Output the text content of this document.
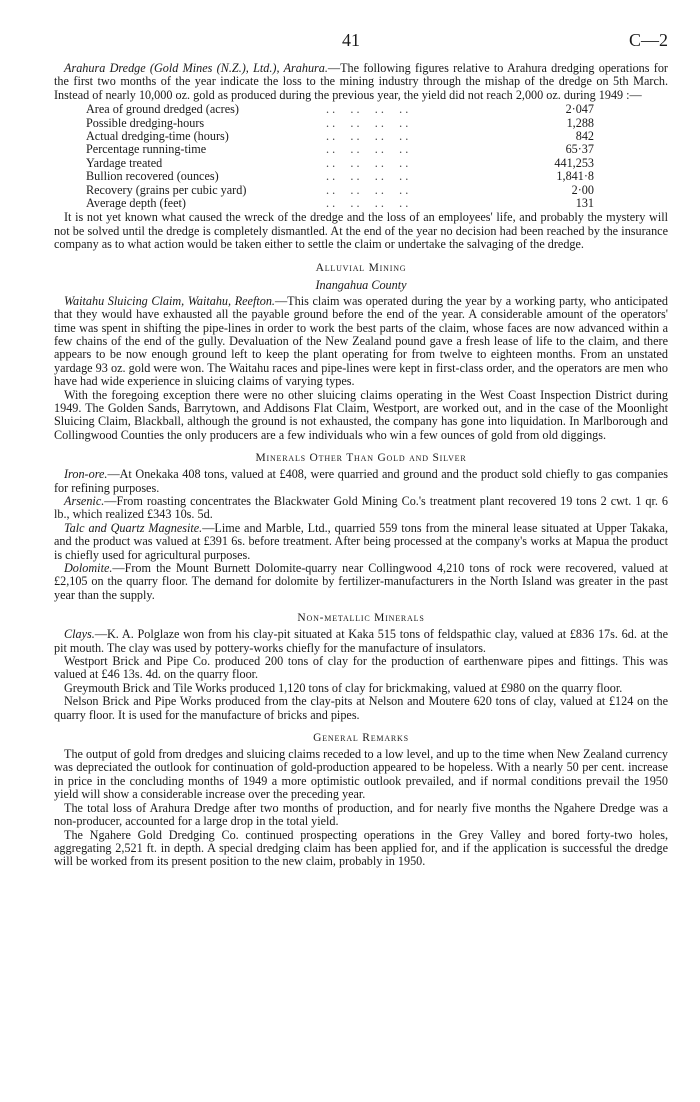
41	C—2

Arahura Dredge (Gold Mines (N.Z.), Ltd.), Arahura.—The following figures relative to Arahura dredging operations for the first two months of the year indicate the loss to the mining industry through the mishap of the dredge on 5th March. Instead of nearly 10,000 oz. gold as produced during the previous year, the yield did not reach 2,000 oz. during 1949 :—

Area of ground dredged (acres)	. .     . .     . .     . .	2·047
Possible dredging-hours	. .     . .     . .     . .	1,288
Actual dredging-time (hours)	. .     . .     . .     . .	842
Percentage running-time	. .     . .     . .     . .	65·37
Yardage treated	. .     . .     . .     . .	441,253
Bullion recovered (ounces)	. .     . .     . .     . .	1,841·8
Recovery (grains per cubic yard)	. .     . .     . .     . .	2·00
Average depth (feet)	. .     . .     . .     . .	131

It is not yet known what caused the wreck of the dredge and the loss of an employees' life, and probably the mystery will not be solved until the dredge is completely dismantled. At the end of the year no decision had been reached by the insurance company as to what action would be taken either to settle the claim or undertake the salvaging of the dredge.

Alluvial Mining
Inangahua County

Waitahu Sluicing Claim, Waitahu, Reefton.—This claim was operated during the year by a working party, who anticipated that they would have exhausted all the payable ground before the end of the year. A considerable amount of the operators' time was spent in shifting the pipe-lines in order to work the best parts of the claim, whose faces are now advanced within a few chains of the end of the gully. Devaluation of the New Zealand pound gave a fresh lease of life to the claim, and there appears to be now enough ground left to keep the plant operating for from twelve to eighteen months. From an unstated yardage 93 oz. gold were won. The Waitahu races and pipe-lines were kept in first-class order, and the operators are men who have had wide experience in sluicing claims of varying types.

With the foregoing exception there were no other sluicing claims operating in the West Coast Inspection District during 1949. The Golden Sands, Barrytown, and Addisons Flat Claim, Westport, are worked out, and in the case of the Moonlight Sluicing Claim, Blackball, although the ground is not exhausted, the company has gone into liquidation. In Marlborough and Collingwood Counties the only producers are a few individuals who win a few ounces of gold from old diggings.

Minerals Other Than Gold and Silver

Iron-ore.—At Onekaka 408 tons, valued at £408, were quarried and ground and the product sold chiefly to gas companies for refining purposes.

Arsenic.—From roasting concentrates the Blackwater Gold Mining Co.'s treatment plant recovered 19 tons 2 cwt. 1 qr. 6 lb., which realized £343 10s. 5d.

Talc and Quartz Magnesite.—Lime and Marble, Ltd., quarried 559 tons from the mineral lease situated at Upper Takaka, and the product was valued at £391 6s. before treatment. After being processed at the company's works at Mapua the product is chiefly used for agricultural purposes.

Dolomite.—From the Mount Burnett Dolomite-quarry near Collingwood 4,210 tons of rock were recovered, valued at £2,105 on the quarry floor. The demand for dolomite by fertilizer-manufacturers in the North Island was greater in the past year than the supply.

Non-metallic Minerals

Clays.—K. A. Polglaze won from his clay-pit situated at Kaka 515 tons of feldspathic clay, valued at £836 17s. 6d. at the pit mouth. The clay was used by pottery-works chiefly for the manufacture of insulators.

Westport Brick and Pipe Co. produced 200 tons of clay for the production of earthenware pipes and fittings. This was valued at £46 13s. 4d. on the quarry floor.

Greymouth Brick and Tile Works produced 1,120 tons of clay for brickmaking, valued at £980 on the quarry floor.

Nelson Brick and Pipe Works produced from the clay-pits at Nelson and Moutere 620 tons of clay, valued at £124 on the quarry floor. It is used for the manufacture of bricks and pipes.

General Remarks

The output of gold from dredges and sluicing claims receded to a low level, and up to the time when New Zealand currency was depreciated the outlook for continuation of gold-production appeared to be hopeless. With a nearly 50 per cent. increase in price in the concluding months of 1949 a more optimistic outlook prevailed, and if normal conditions prevail the 1950 yield will show a considerable increase over the preceding year.

The total loss of Arahura Dredge after two months of production, and for nearly five months the Ngahere Dredge was a non-producer, accounted for a large drop in the total yield.

The Ngahere Gold Dredging Co. continued prospecting operations in the Grey Valley and bored forty-two holes, aggregating 2,521 ft. in depth. A special dredging claim has been applied for, and if the application is successful the dredge will be worked from its present position to the new claim, probably in 1950.
